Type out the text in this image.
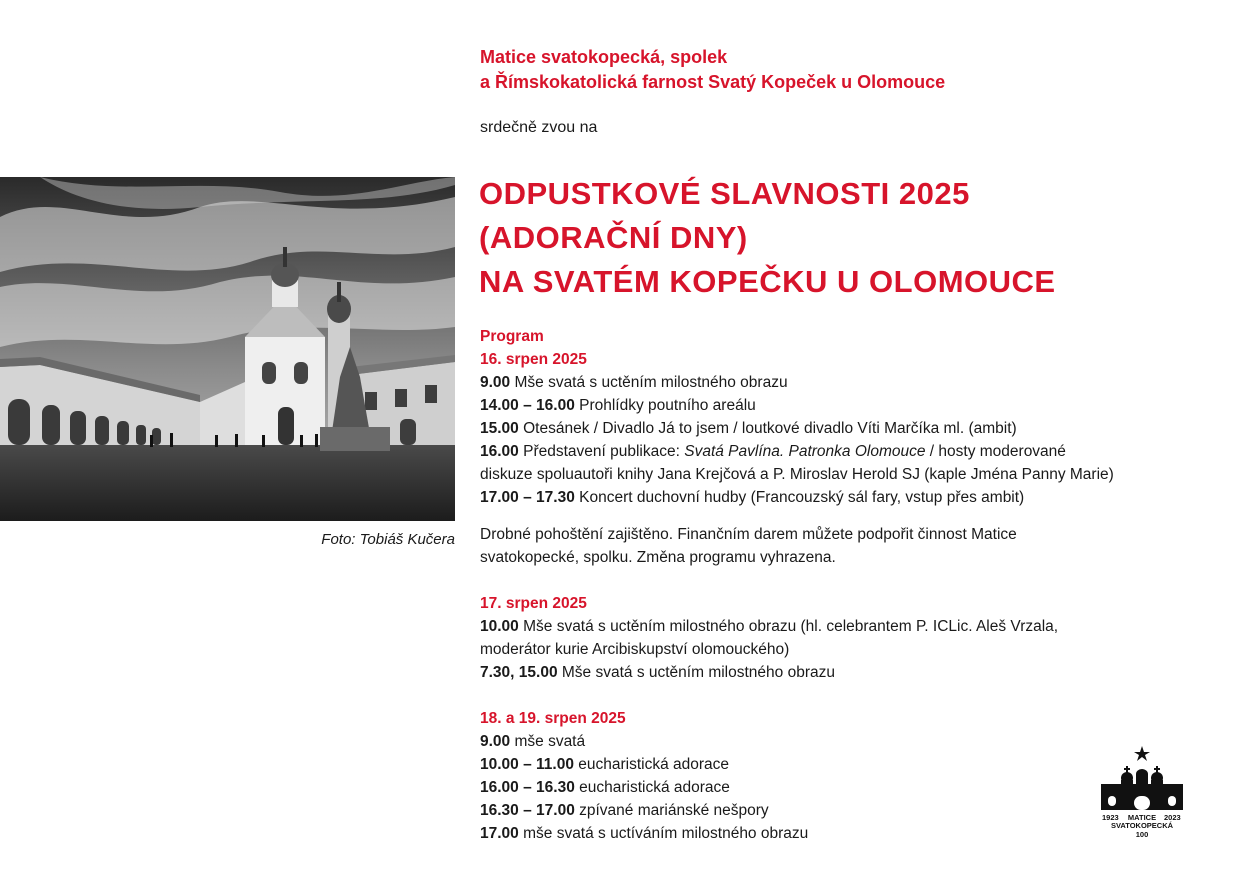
Matice svatokopecká, spolek
a Římskokatolická farnost Svatý Kopeček u Olomouce
srdečně zvou na
ODPUSTKOVÉ SLAVNOSTI 2025
(ADORAČNÍ DNY)
NA SVATÉM KOPEČKU U OLOMOUCE
Foto: Tobiáš Kučera
Program
16. srpen 2025
9.00 Mše svatá s uctěním milostného obrazu
14.00 – 16.00 Prohlídky poutního areálu
15.00 Otesánek / Divadlo Já to jsem / loutkové divadlo Víti Marčíka ml. (ambit)
16.00 Představení publikace: Svatá Pavlína. Patronka Olomouce / hosty moderované
diskuze spoluautoři knihy Jana Krejčová a P. Miroslav Herold SJ (kaple Jména Panny Marie)
17.00 – 17.30 Koncert duchovní hudby (Francouzský sál fary, vstup přes ambit)
Drobné pohoštění zajištěno. Finančním darem můžete podpořit činnost Matice
svatokopecké, spolku. Změna programu vyhrazena.
17. srpen 2025
10.00 Mše svatá s uctěním milostného obrazu (hl. celebrantem P. ICLic. Aleš Vrzala,
moderátor kurie Arcibiskupství olomouckého)
7.30, 15.00 Mše svatá s uctěním milostného obrazu
18. a 19. srpen 2025
9.00 mše svatá
10.00 – 11.00 eucharistická adorace
16.00 – 16.30 eucharistická adorace
16.30 – 17.00 zpívané mariánské nešpory
17.00 mše svatá s uctíváním milostného obrazu
1923	2023
MATICE
SVATOKOPECKÁ
100
